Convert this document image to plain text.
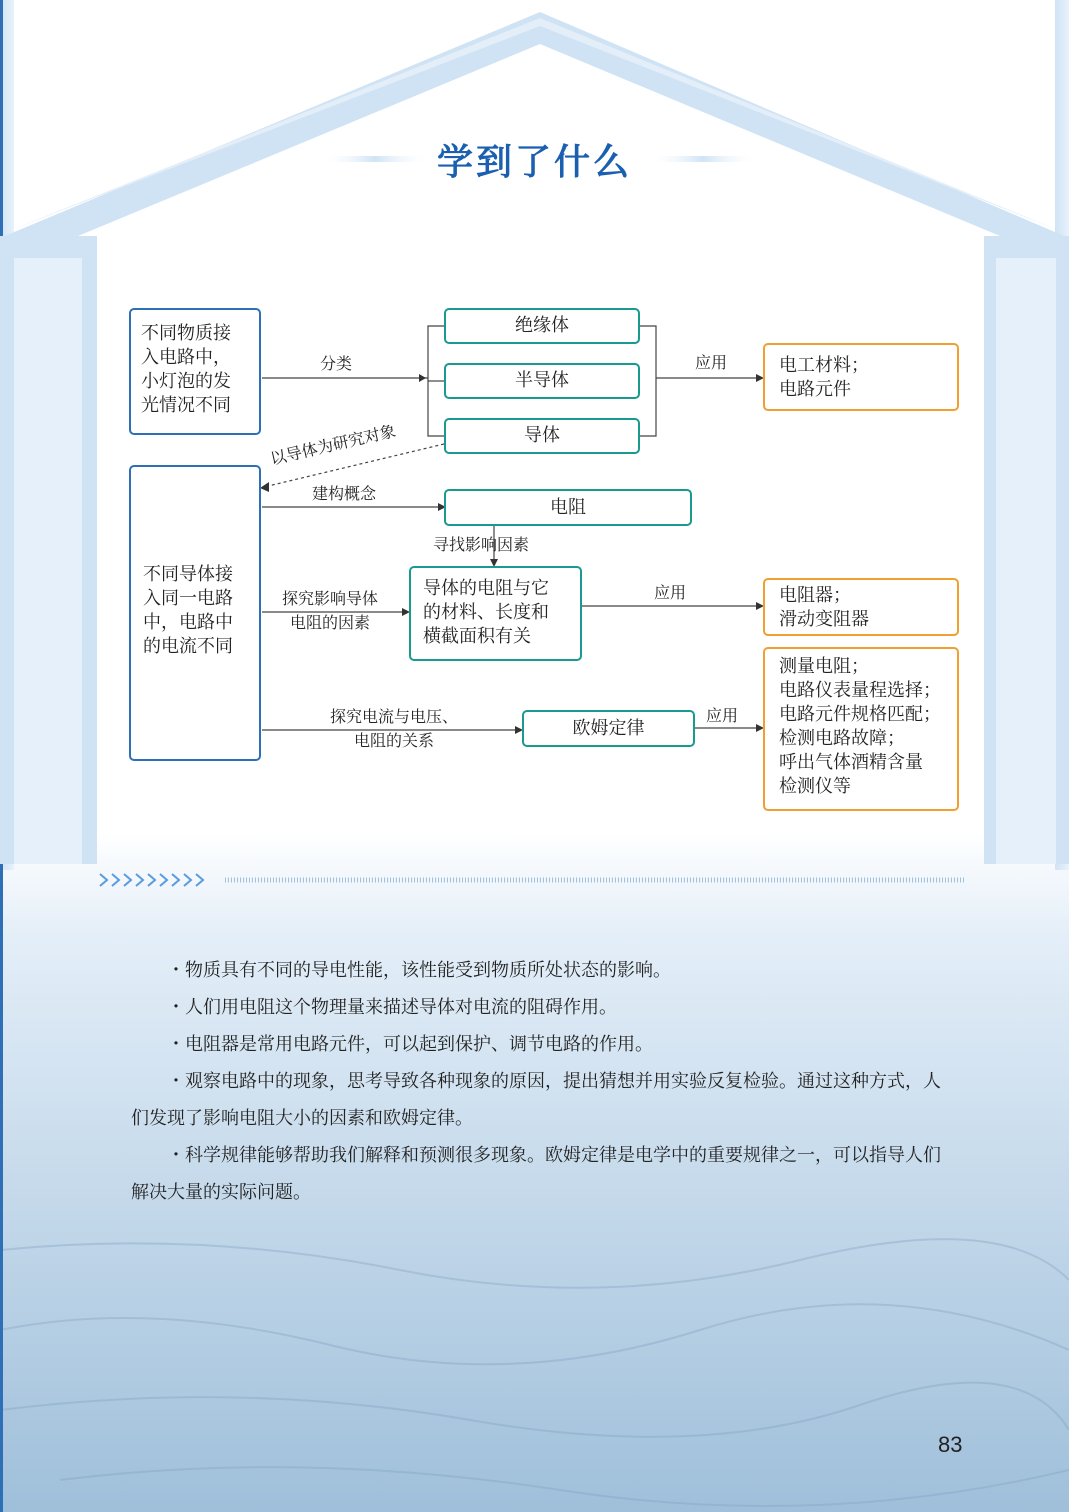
学到了什么
不同物质接
入电路中，
小灯泡的发
光情况不同
不同导体接
入同一电路
中，电路中
的电流不同
绝缘体
半导体
导体
电阻
导体的电阻与它
的材料、长度和
横截面积有关
欧姆定律
电工材料；
电路元件
电阻器；
滑动变阻器
测量电阻；
电路仪表量程选择；
电路元件规格匹配；
检测电路故障；
呼出气体酒精含量
检测仪等
分类	应用
以导体为研究对象
建构概念
寻找影响因素
探究影响导体
电阻的因素
应用
探究电流与电压、
电阻的关系
应用
・物质具有不同的导电性能，该性能受到物质所处状态的影响。
・人们用电阻这个物理量来描述导体对电流的阻碍作用。
・电阻器是常用电路元件，可以起到保护、调节电路的作用。
・观察电路中的现象，思考导致各种现象的原因，提出猜想并用实验反复检验。通过这种方式，人们发现了影响电阻大小的因素和欧姆定律。
・科学规律能够帮助我们解释和预测很多现象。欧姆定律是电学中的重要规律之一，可以指导人们解决大量的实际问题。
83
